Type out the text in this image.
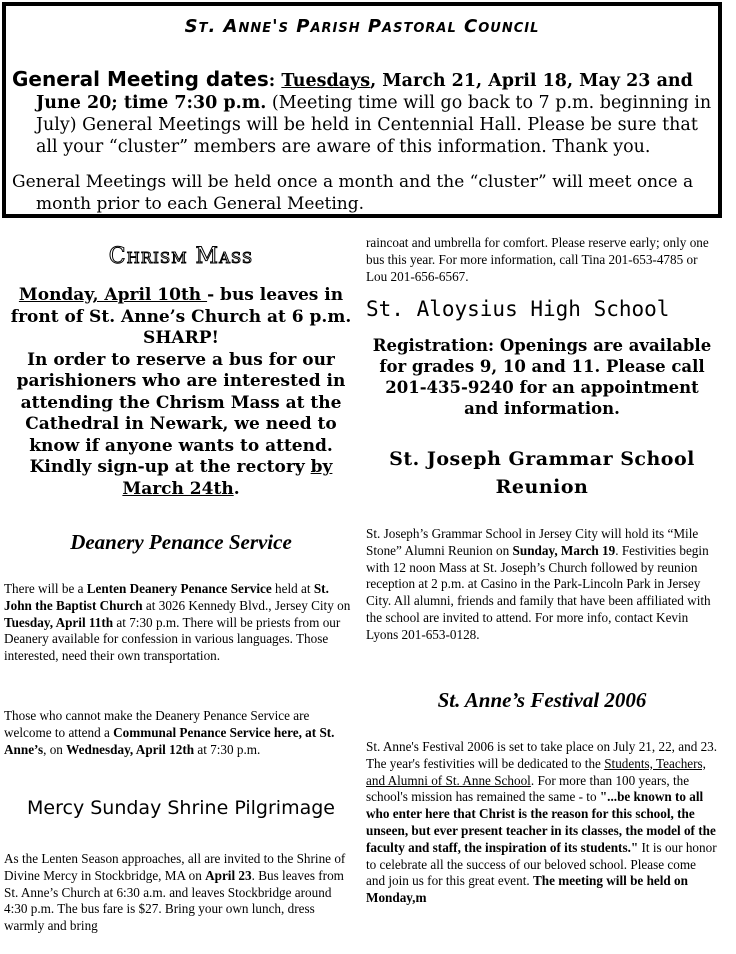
St. Anne's Parish Pastoral Council
General Meeting dates: Tuesdays, March 21, April 18, May 23 and June 20; time 7:30 p.m. (Meeting time will go back to 7 p.m. beginning in July) General Meetings will be held in Centennial Hall. Please be sure that all your “cluster” members are aware of this information. Thank you.
General Meetings will be held once a month and the “cluster” will meet once a month prior to each General Meeting.
Chrism Mass
Monday, April 10th - bus leaves in front of St. Anne’s Church at 6 p.m. SHARP!
In order to reserve a bus for our parishioners who are interested in attending the Chrism Mass at the Cathedral in Newark, we need to know if anyone wants to attend. Kindly sign-up at the rectory by March 24th.
Deanery Penance Service
There will be a Lenten Deanery Penance Service held at St. John the Baptist Church at 3026 Kennedy Blvd., Jersey City on Tuesday, April 11th at 7:30 p.m. There will be priests from our Deanery available for confession in various languages. Those interested, need their own transportation.
Those who cannot make the Deanery Penance Service are welcome to attend a Communal Penance Service here, at St. Anne’s, on Wednesday, April 12th at 7:30 p.m.
Mercy Sunday Shrine Pilgrimage
As the Lenten Season approaches, all are invited to the Shrine of Divine Mercy in Stockbridge, MA on April 23. Bus leaves from St. Anne’s Church at 6:30 a.m. and leaves Stockbridge around 4:30 p.m. The bus fare is $27. Bring your own lunch, dress warmly and bring
raincoat and umbrella for comfort. Please reserve early; only one bus this year. For more information, call Tina 201-653-4785 or Lou 201-656-6567.
St. Aloysius High School
Registration: Openings are available for grades 9, 10 and 11. Please call 201-435-9240 for an appointment and information.
St. Joseph Grammar School Reunion
St. Joseph’s Grammar School in Jersey City will hold its “Mile Stone” Alumni Reunion on Sunday, March 19. Festivities begin with 12 noon Mass at St. Joseph’s Church followed by reunion reception at 2 p.m. at Casino in the Park-Lincoln Park in Jersey City. All alumni, friends and family that have been affiliated with the school are invited to attend. For more info, contact Kevin Lyons 201-653-0128.
St. Anne’s Festival 2006
St. Anne's Festival 2006 is set to take place on July 21, 22, and 23. The year's festivities will be dedicated to the Students, Teachers, and Alumni of St. Anne School. For more than 100 years, the school's mission has remained the same - to "...be known to all who enter here that Christ is the reason for this school, the unseen, but ever present teacher in its classes, the model of the faculty and staff, the inspiration of its students." It is our honor to celebrate all the success of our beloved school. Please come and join us for this great event. The meeting will be held on Monday,m
